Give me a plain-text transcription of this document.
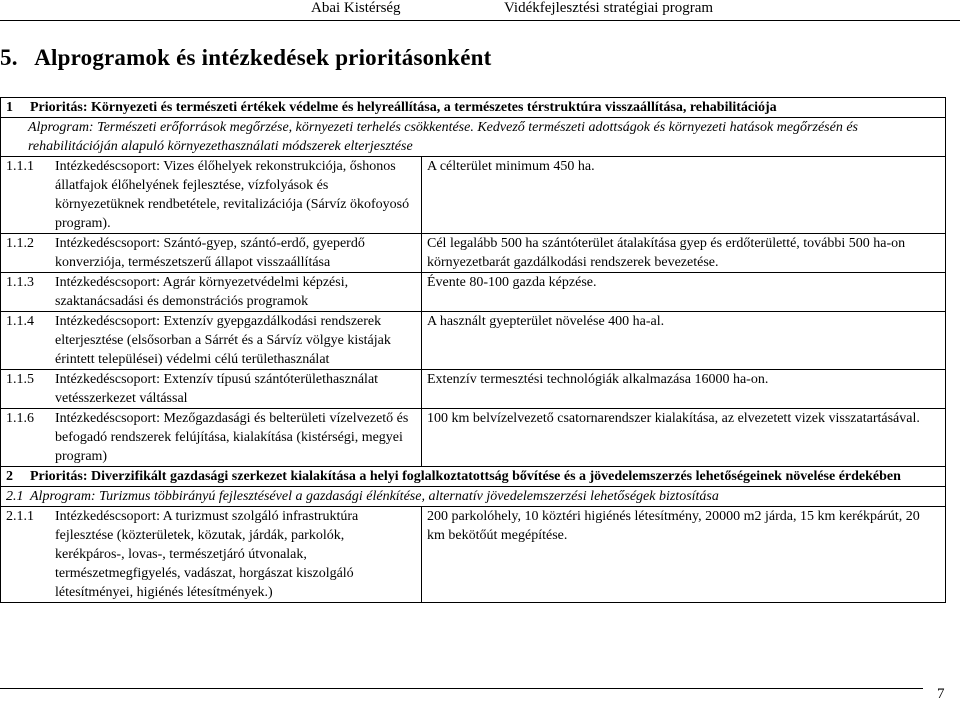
Abai Kistérség	Vidékfejlesztési stratégiai program
5.   Alprogramok és intézkedések prioritásonként
1 Prioritás: Környezeti és természeti értékek védelme és helyreállítása, a természetes térstruktúra visszaállítása, rehabilitációja	
Alprogram: Természeti erőforrások megőrzése, környezeti terhelés csökkentése. Kedvező természeti adottságok és környezeti hatások megőrzésén és rehabilitációján alapuló környezethasználati módszerek elterjesztése	

1.1.1 Intézkedéscsoport: Vizes élőhelyek rekonstrukciója, őshonos állatfajok élőhelyének fejlesztése, vízfolyások és környezetüknek rendbetétele, revitalizációja (Sárvíz ökofoyosó program).	A célterület minimum 450 ha.

1.1.2 Intézkedéscsoport: Szántó-gyep, szántó-erdő, gyeperdő konverziója, természetszerű állapot visszaállítása	Cél legalább 500 ha szántóterület átalakítása gyep és erdőterületté, további 500 ha-on környezetbarát gazdálkodási rendszerek bevezetése.

1.1.3 Intézkedéscsoport: Agrár környezetvédelmi képzési, szaktanácsadási és demonstrációs programok	Évente 80-100 gazda képzése.

1.1.4 Intézkedéscsoport: Extenzív gyepgazdálkodási rendszerek elterjesztése (elsősorban a Sárrét és a Sárvíz völgye kistájak érintett települései) védelmi célú területhasználat	A használt gyepterület növelése 400 ha-al.

1.1.5 Intézkedéscsoport: Extenzív típusú szántóterülethasználat vetésszerkezet váltással	Extenzív termesztési technológiák alkalmazása 16000 ha-on.

1.1.6 Intézkedéscsoport: Mezőgazdasági és belterületi vízelvezető és befogadó rendszerek felújítása, kialakítása (kistérségi, megyei program)	100 km belvízelvezető csatornarendszer kialakítása, az elvezetett vizek visszatartásával.
2 Prioritás: Diverzifikált gazdasági szerkezet kialakítása a helyi foglalkoztatottság bővítése és a jövedelemszerzés lehetőségeinek növelése érdekében	
2.1 Alprogram: Turizmus többirányú fejlesztésével a gazdasági élénkítése, alternatív jövedelemszerzési lehetőségek biztosítása	

2.1.1 Intézkedéscsoport: A turizmust szolgáló infrastruktúra fejlesztése (közterületek, közutak, járdák, parkolók, kerékpáros-, lovas-, természetjáró útvonalak, természetmegfigyelés, vadászat, horgászat kiszolgáló létesítményei, higiénés létesítmények.)	200 parkolóhely, 10 köztéri higiénés létesítmény, 20000 m2 járda, 15 km kerékpárút, 20 km bekötőút megépítése.
7
